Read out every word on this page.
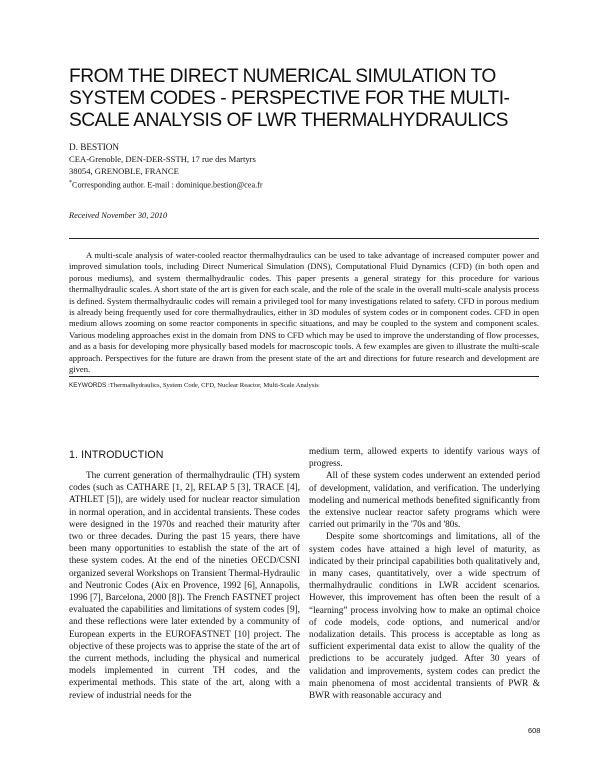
FROM THE DIRECT NUMERICAL SIMULATION TO SYSTEM CODES - PERSPECTIVE FOR THE MULTI-SCALE ANALYSIS OF LWR THERMALHYDRAULICS
D. BESTION
CEA-Grenoble, DEN-DER-SSTH, 17 rue des Martyrs
38054, GRENOBLE, FRANCE
*Corresponding author. E-mail : dominique.bestion@cea.fr
Received November 30, 2010

A multi-scale analysis of water-cooled reactor thermalhydraulics can be used to take advantage of increased computer power and improved simulation tools, including Direct Numerical Simulation (DNS), Computational Fluid Dynamics (CFD) (in both open and porous mediums), and system thermalhydraulic codes. This paper presents a general strategy for this procedure for various thermalhydraulic scales. A short state of the art is given for each scale, and the role of the scale in the overall multi-scale analysis process is defined. System thermalhydraulic codes will remain a privileged tool for many investigations related to safety. CFD in porous medium is already being frequently used for core thermalhydraulics, either in 3D modules of system codes or in component codes. CFD in open medium allows zooming on some reactor components in specific situations, and may be coupled to the system and component scales. Various modeling approaches exist in the domain from DNS to CFD which may be used to improve the understanding of flow processes, and as a basis for developing more physically based models for macroscopic tools. A few examples are given to illustrate the multi-scale approach. Perspectives for the future are drawn from the present state of the art and directions for future research and development are given.

KEYWORDS :Thermalhydraulics, System Code, CFD, Nuclear Reactor, Multi-Scale Analysis
1. INTRODUCTION

The current generation of thermalhydraulic (TH) system codes (such as CATHARE [1, 2], RELAP 5 [3], TRACE [4], ATHLET [5]), are widely used for nuclear reactor simulation in normal operation, and in accidental transients. These codes were designed in the 1970s and reached their maturity after two or three decades. During the past 15 years, there have been many opportunities to establish the state of the art of these system codes. At the end of the nineties OECD/CSNI organized several Workshops on Transient Thermal-Hydraulic and Neutronic Codes (Aix en Provence, 1992 [6], Annapolis, 1996 [7], Barcelona, 2000 [8]). The French FASTNET project evaluated the capabilities and limitations of system codes [9], and these reflections were later extended by a community of European experts in the EUROFASTNET [10] project. The objective of these projects was to apprise the state of the art of the current methods, including the physical and numerical models implemented in current TH codes, and the experimental methods. This state of the art, along with a review of industrial needs for the

medium term, allowed experts to identify various ways of progress.

All of these system codes underwent an extended period of development, validation, and verification. The underlying modeling and numerical methods benefited significantly from the extensive nuclear reactor safety programs which were carried out primarily in the '70s and '80s.

Despite some shortcomings and limitations, all of the system codes have attained a high level of maturity, as indicated by their principal capabilities both qualitatively and, in many cases, quantitatively, over a wide spectrum of thermalhydraulic conditions in LWR accident scenarios. However, this improvement has often been the result of a “learning” process involving how to make an optimal choice of code models, code options, and numerical and/or nodalization details. This process is acceptable as long as sufficient experimental data exist to allow the quality of the predictions to be accurately judged. After 30 years of validation and improvements, system codes can predict the main phenomena of most accidental transients of PWR & BWR with reasonable accuracy and

608
